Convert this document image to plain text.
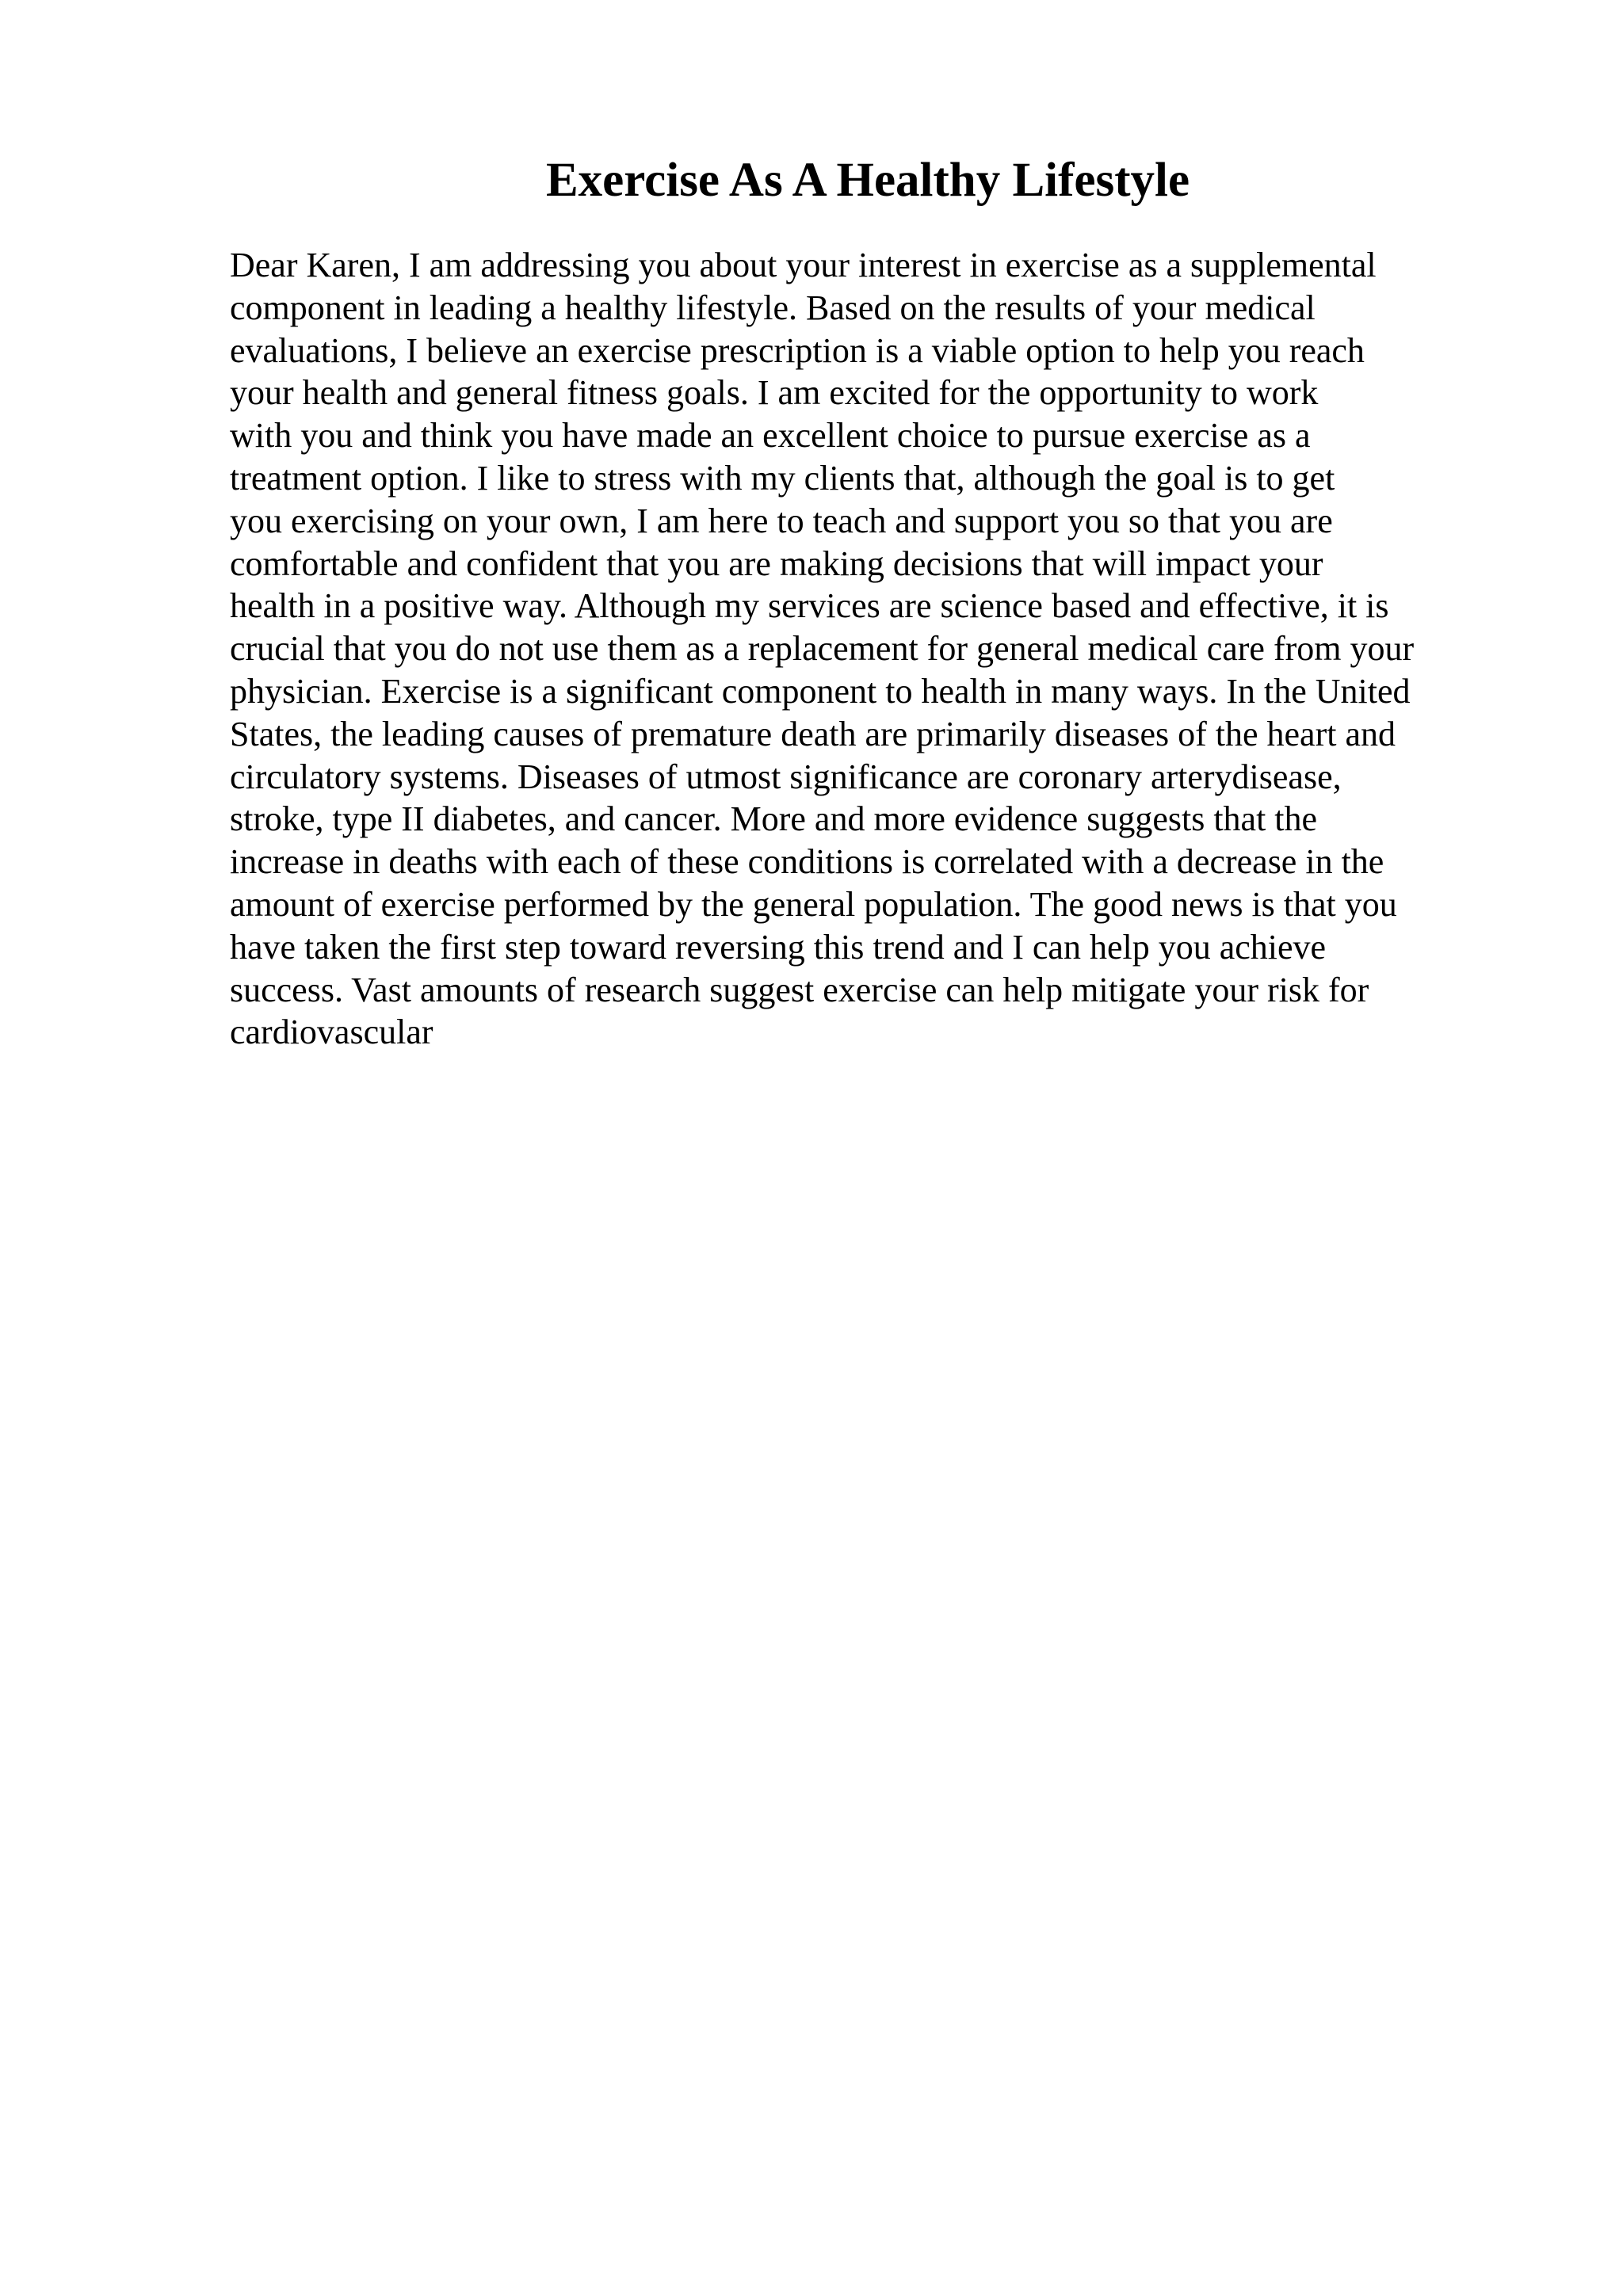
Exercise As A Healthy Lifestyle
Dear Karen, I am addressing you about your interest in exercise as a supplemental
component in leading a healthy lifestyle. Based on the results of your medical
evaluations, I believe an exercise prescription is a viable option to help you reach
your health and general fitness goals. I am excited for the opportunity to work
with you and think you have made an excellent choice to pursue exercise as a
treatment option. I like to stress with my clients that, although the goal is to get
you exercising on your own, I am here to teach and support you so that you are
comfortable and confident that you are making decisions that will impact your
health in a positive way. Although my services are science based and effective, it is
crucial that you do not use them as a replacement for general medical care from your
physician. Exercise is a significant component to health in many ways. In the United
States, the leading causes of premature death are primarily diseases of the heart and
circulatory systems. Diseases of utmost significance are coronary arterydisease,
stroke, type II diabetes, and cancer. More and more evidence suggests that the
increase in deaths with each of these conditions is correlated with a decrease in the
amount of exercise performed by the general population. The good news is that you
have taken the first step toward reversing this trend and I can help you achieve
success. Vast amounts of research suggest exercise can help mitigate your risk for
cardiovascular
